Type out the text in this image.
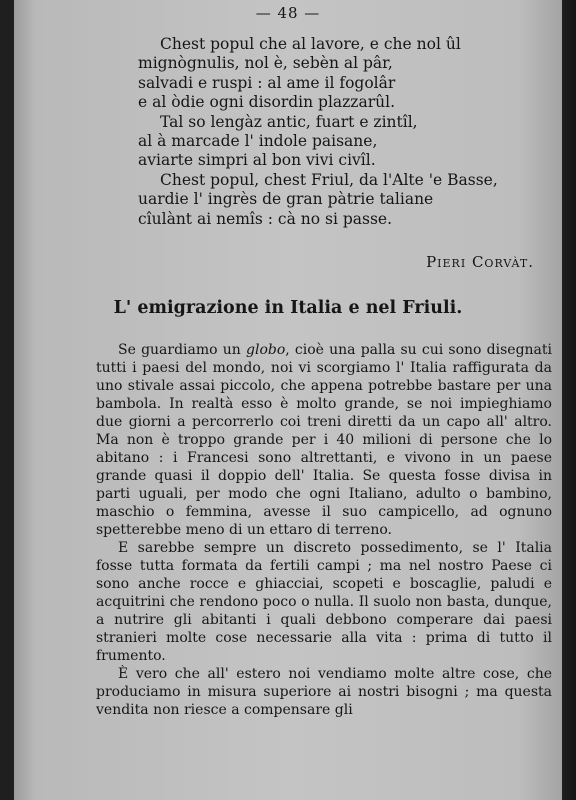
— 48 —
Chest popul che al lavore, e che nol ûl
mignògnulis, nol è, sebèn al pâr,
salvadi e ruspi : al ame il fogolâr
e al òdie ogni disordin plazzarûl.
Tal so lengàz antic, fuart e zintîl,
al à marcade l' indole paisane,
aviarte simpri al bon vivi civîl.
Chest popul, chest Friul, da l'Alte 'e Basse,
uardie l' ingrès de gran pàtrie taliane
cîulànt ai nemîs : cà no si passe.
Pieri Corvàt.
L' emigrazione in Italia e nel Friuli.

Se guardiamo un globo, cioè una palla su cui sono disegnati tutti i paesi del mondo, noi vi scorgiamo l' Italia raffigurata da uno stivale assai piccolo, che appena potrebbe bastare per una bambola. In realtà esso è molto grande, se noi impieghiamo due giorni a percorrerlo coi treni diretti da un capo all' altro. Ma non è troppo grande per i 40 milioni di persone che lo abitano : i Francesi sono altrettanti, e vivono in un paese grande quasi il doppio dell' Italia. Se questa fosse divisa in parti uguali, per modo che ogni Italiano, adulto o bambino, maschio o femmina, avesse il suo campicello, ad ognuno spetterebbe meno di un ettaro di terreno.

E sarebbe sempre un discreto possedimento, se l' Italia fosse tutta formata da fertili campi ; ma nel nostro Paese ci sono anche rocce e ghiacciai, scopeti e boscaglie, paludi e acquitrini che rendono poco o nulla. Il suolo non basta, dunque, a nutrire gli abitanti i quali debbono comperare dai paesi stranieri molte cose necessarie alla vita : prima di tutto il frumento.

È vero che all' estero noi vendiamo molte altre cose, che produciamo in misura superiore ai nostri bisogni ; ma questa vendita non riesce a compensare gli
